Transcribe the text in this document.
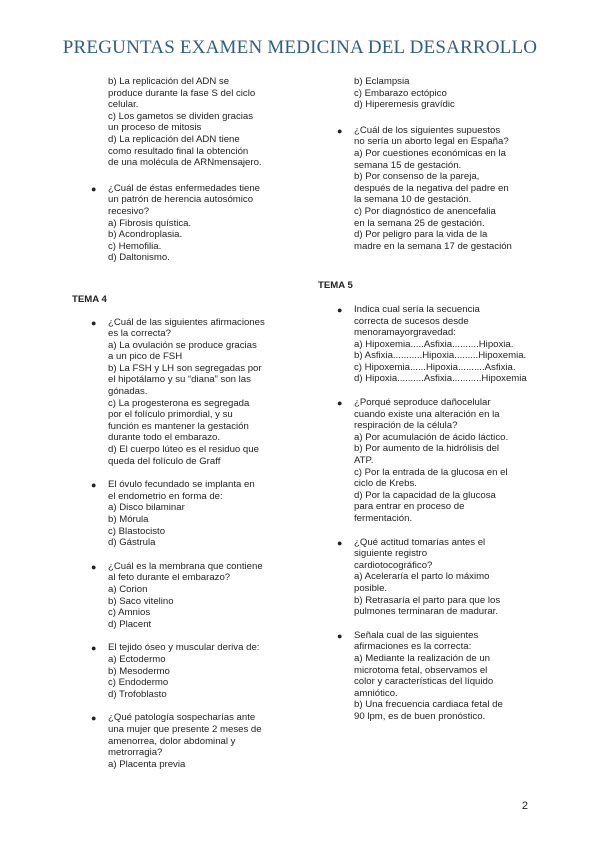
PREGUNTAS EXAMEN MEDICINA DEL DESARROLLO
b) La replicación del ADN se
produce durante la fase S del ciclo
celular.
c) Los gametos se dividen gracias
un proceso de mitosis
d) La replicación del ADN tiene
como resultado final la obtención
de una molécula de ARNmensajero.
● ¿Cuál de éstas enfermedades tiene
un patrón de herencia autosómico
recesivo?
a) Fibrosis quística.
b) Acondroplasia.
c) Hemofilia.
d) Daltonismo.
TEMA 4
● ¿Cuál de las siguientes afirmaciones
es la correcta?
a) La ovulación se produce gracias
a un pico de FSH
b) La FSH y LH son segregadas por
el hipotálamo y su “diana” son las
gónadas.
c) La progesterona es segregada
por el folículo primordial, y su
función es mantener la gestación
durante todo el embarazo.
d) El cuerpo lúteo es el residuo que
queda del folículo de Graff
● El óvulo fecundado se implanta en
el endometrio en forma de:
a) Disco bilaminar
b) Mórula
c) Blastocisto
d) Gástrula
● ¿Cuál es la membrana que contiene
al feto durante el embarazo?
a) Corion
b) Saco vitelino
c) Amnios
d) Placent
● El tejido óseo y muscular deriva de:
a) Ectodermo
b) Mesodermo
c) Endodermo
d) Trofoblasto
● ¿Qué patología sospecharías ante
una mujer que presente 2 meses de
amenorrea, dolor abdominal y
metrorragia?
a) Placenta previa
b) Eclampsia
c) Embarazo ectópico
d) Hiperemesis gravídic
● ¿Cuál de los siguientes supuestos
no sería un aborto legal en España?
a) Por cuestiones económicas en la
semana 15 de gestación.
b) Por consenso de la pareja,
después de la negativa del padre en
la semana 10 de gestación.
c) Por diagnóstico de anencefalia
en la semana 25 de gestación.
d) Por peligro para la vida de la
madre en la semana 17 de gestación
TEMA 5
● Indica cual sería la secuencia
correcta de sucesos desde
menoramayorgravedad:
a) Hipoxemia.....Asfixia..........Hipoxia.
b) Asfixia...........Hipoxia.........Hipoxemia.
c) Hipoxemia......Hipoxia..........Asfixia.
d) Hipoxia..........Asfixia...........Hipoxemia
● ¿Porqué seproduce dañocelular
cuando existe una alteración en la
respiración de la célula?
a) Por acumulación de ácido láctico.
b) Por aumento de la hidrólisis del
ATP.
c) Por la entrada de la glucosa en el
ciclo de Krebs.
d) Por la capacidad de la glucosa
para entrar en proceso de
fermentación.
● ¿Qué actitud tomarías antes el
siguiente registro
cardiotocográfico?
a) Aceleraría el parto lo máximo
posible.
b) Retrasaría el parto para que los
pulmones terminaran de madurar.
● Señala cual de las siguientes
afirmaciones es la correcta:
a) Mediante la realización de un
microtoma fetal, observamos el
color y características del líquido
amniótico.
b) Una frecuencia cardiaca fetal de
90 lpm, es de buen pronóstico.
2
